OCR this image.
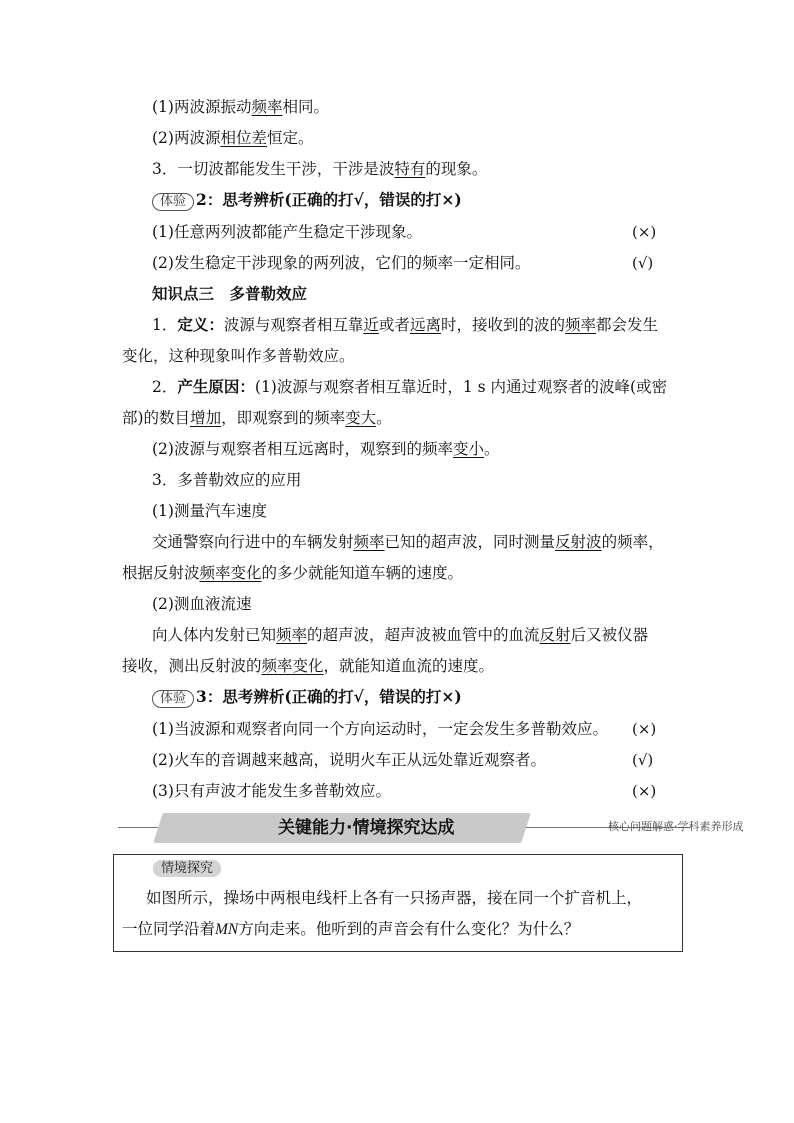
(1)两波源振动频率相同。
(2)两波源相位差恒定。
3．一切波都能发生干涉，干涉是波特有的现象。
体验 2：思考辨析(正确的打√，错误的打×)
(1)任意两列波都能产生稳定干涉现象。	(×)
(2)发生稳定干涉现象的两列波，它们的频率一定相同。	(√)
知识点三　多普勒效应
1．定义：波源与观察者相互靠近或者远离时，接收到的波的频率都会发生
变化，这种现象叫作多普勒效应。
2．产生原因：(1)波源与观察者相互靠近时，1 s 内通过观察者的波峰(或密
部)的数目增加，即观察到的频率变大。
(2)波源与观察者相互远离时，观察到的频率变小。
3．多普勒效应的应用
(1)测量汽车速度
交通警察向行进中的车辆发射频率已知的超声波，同时测量反射波的频率，
根据反射波频率变化的多少就能知道车辆的速度。
(2)测血液流速
向人体内发射已知频率的超声波，超声波被血管中的血流反射后又被仪器
接收，测出反射波的频率变化，就能知道血流的速度。
体验 3：思考辨析(正确的打√，错误的打×)
(1)当波源和观察者向同一个方向运动时，一定会发生多普勒效应。 (×)
(2)火车的音调越来越高，说明火车正从远处靠近观察者。	(√)
(3)只有声波才能发生多普勒效应。	(×)
关键能力·情境探究达成	核心问题解惑·学科素养形成
情境探究
如图所示，操场中两根电线杆上各有一只扬声器，接在同一个扩音机上，
一位同学沿着MN方向走来。他听到的声音会有什么变化？为什么？
